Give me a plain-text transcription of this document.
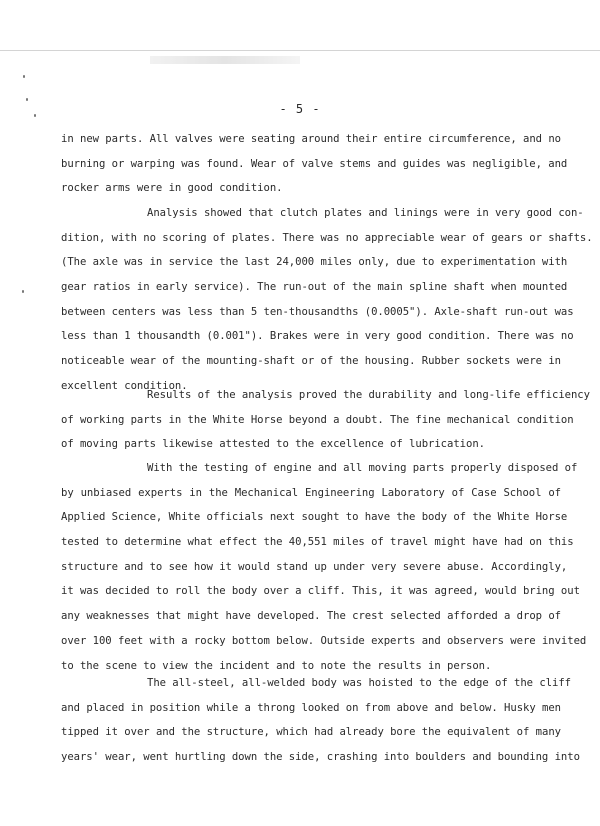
- 5 -
in new parts. All valves were seating around their entire circumference, and no
burning or warping was found. Wear of valve stems and guides was negligible, and
rocker arms were in good condition.
Analysis showed that clutch plates and linings were in very good con-
dition, with no scoring of plates. There was no appreciable wear of gears or shafts.
(The axle was in service the last 24,000 miles only, due to experimentation with
gear ratios in early service). The run-out of the main spline shaft when mounted
between centers was less than 5 ten-thousandths (0.0005"). Axle-shaft run-out was
less than 1 thousandth (0.001"). Brakes were in very good condition. There was no
noticeable wear of the mounting-shaft or of the housing. Rubber sockets were in
excellent condition.
Results of the analysis proved the durability and long-life efficiency
of working parts in the White Horse beyond a doubt. The fine mechanical condition
of moving parts likewise attested to the excellence of lubrication.
With the testing of engine and all moving parts properly disposed of
by unbiased experts in the Mechanical Engineering Laboratory of Case School of
Applied Science, White officials next sought to have the body of the White Horse
tested to determine what effect the 40,551 miles of travel might have had on this
structure and to see how it would stand up under very severe abuse. Accordingly,
it was decided to roll the body over a cliff. This, it was agreed, would bring out
any weaknesses that might have developed. The crest selected afforded a drop of
over 100 feet with a rocky bottom below. Outside experts and observers were invited
to the scene to view the incident and to note the results in person.
The all-steel, all-welded body was hoisted to the edge of the cliff
and placed in position while a throng looked on from above and below. Husky men
tipped it over and the structure, which had already bore the equivalent of many
years' wear, went hurtling down the side, crashing into boulders and bounding into
